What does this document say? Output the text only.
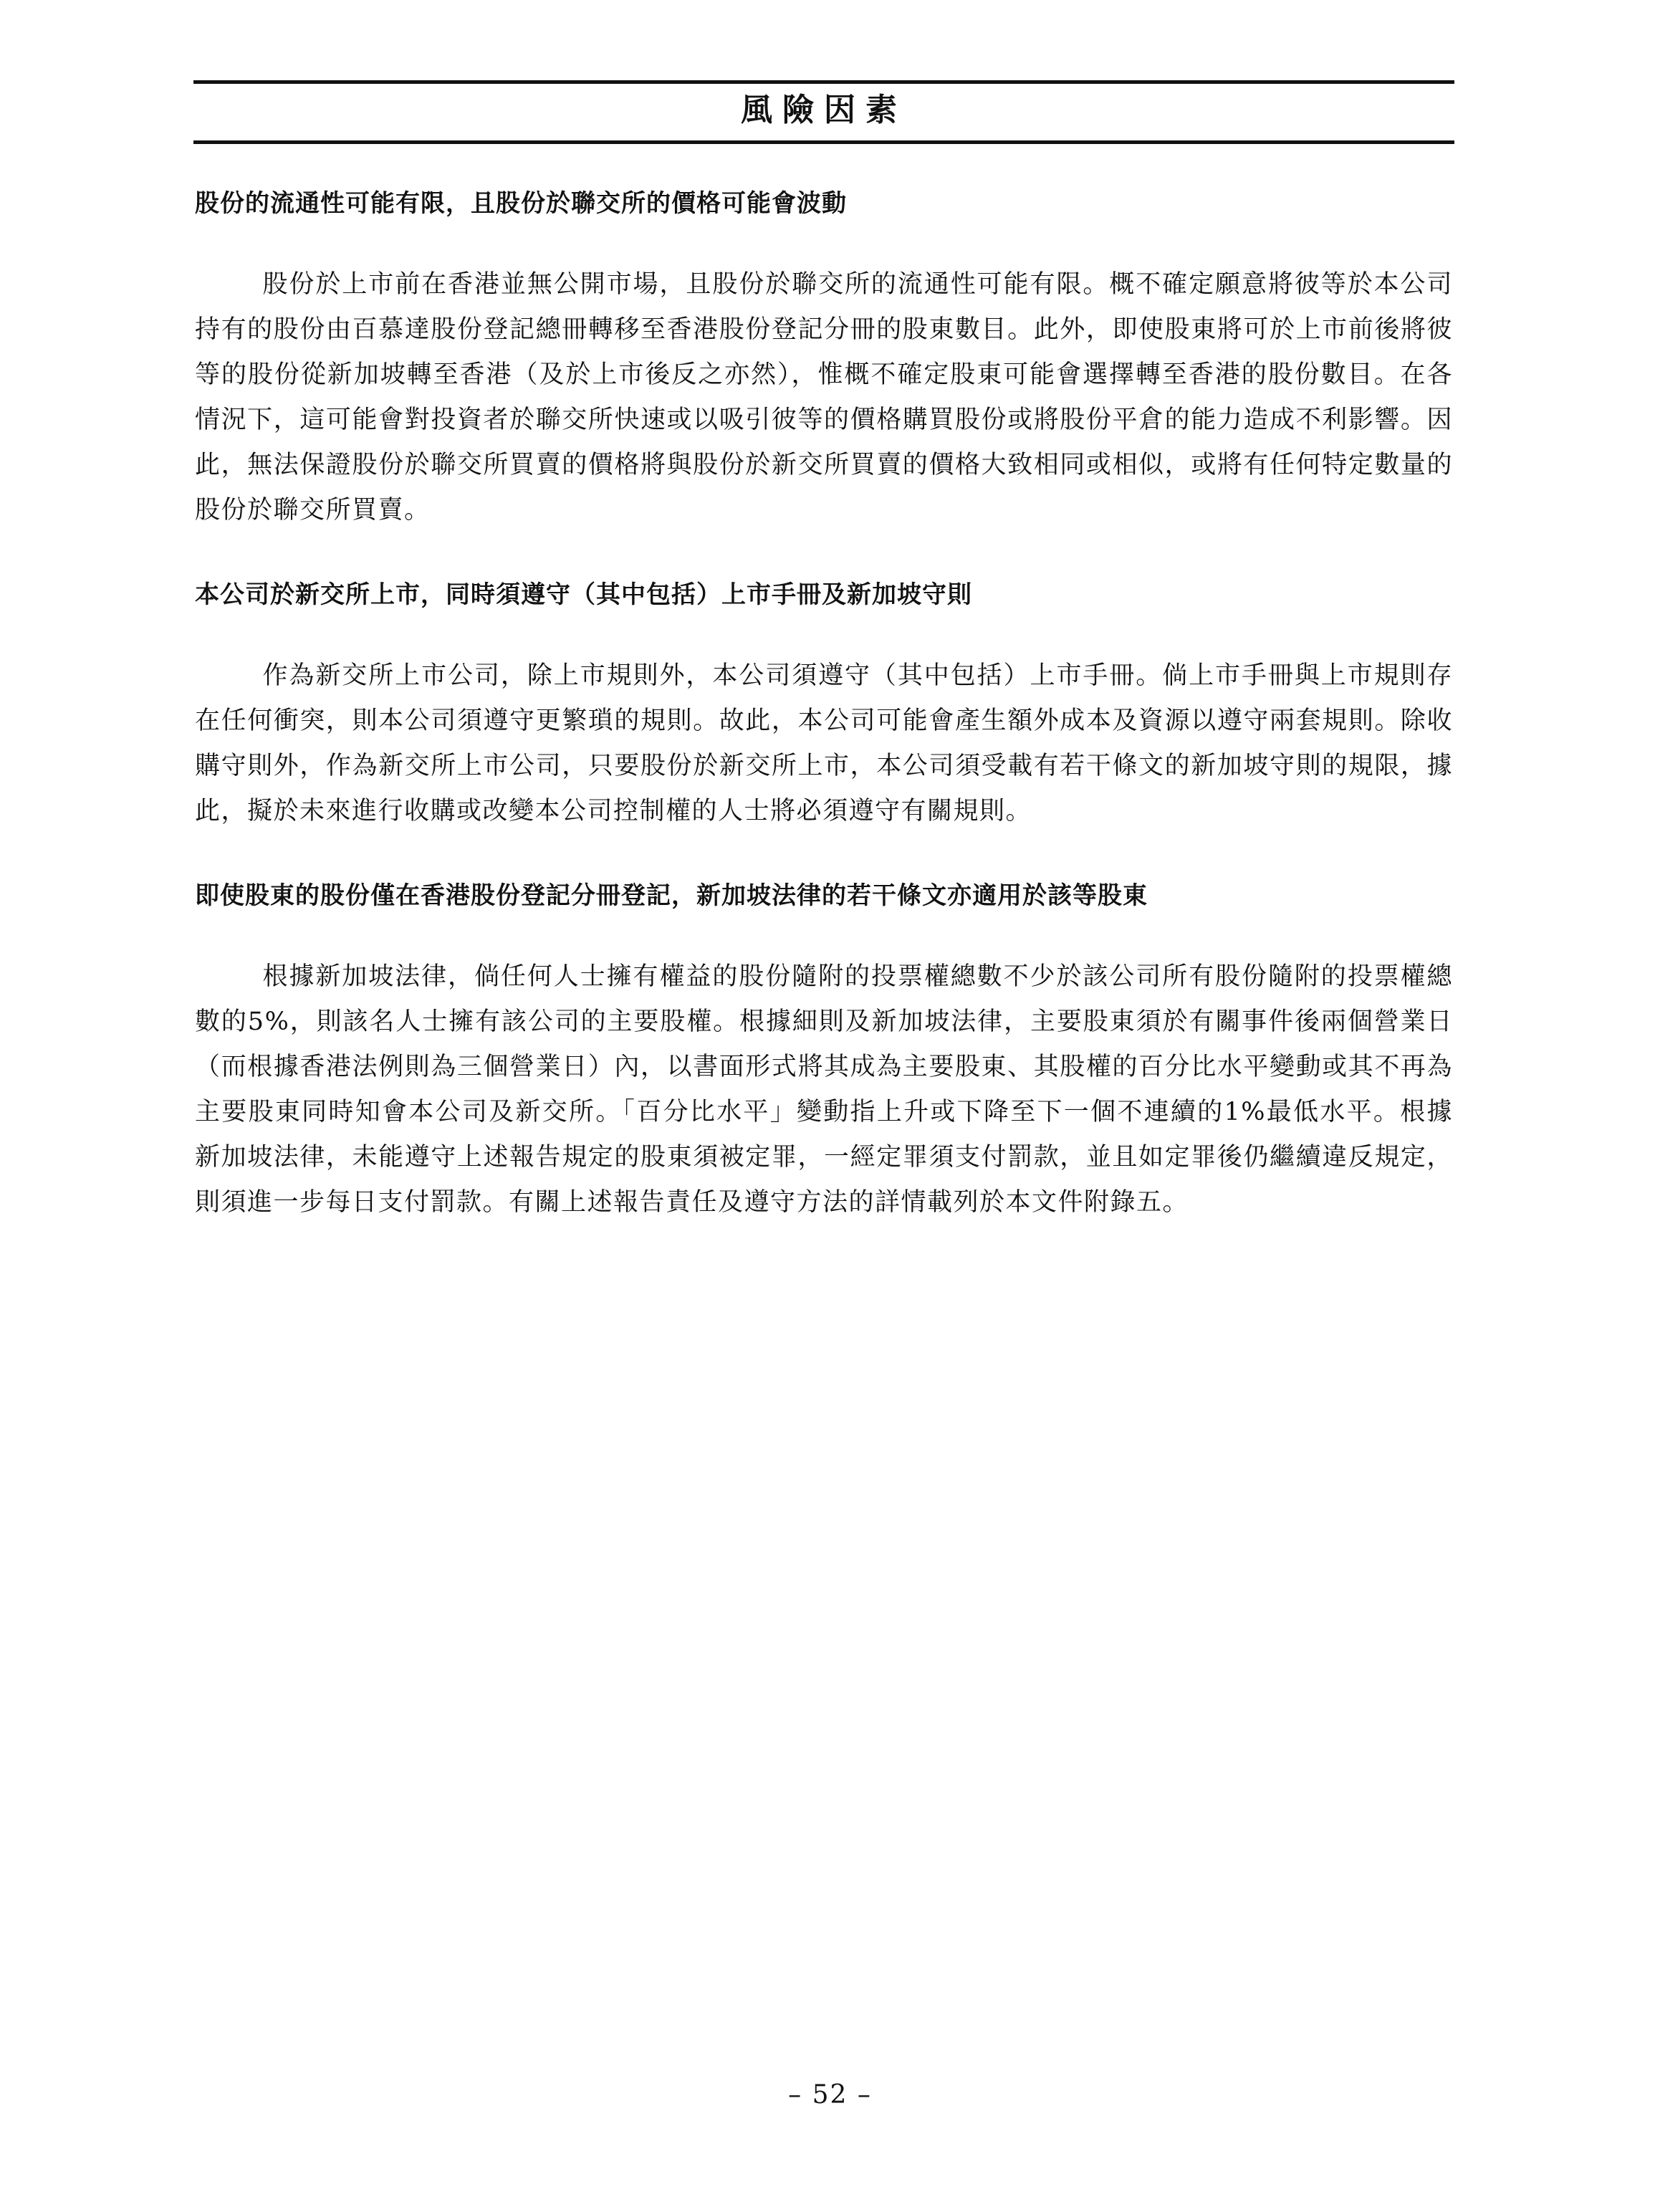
風險因素
股份的流通性可能有限，且股份於聯交所的價格可能會波動

股份於上市前在香港並無公開市場，且股份於聯交所的流通性可能有限。概不確定願意將彼等於本公司持有的股份由百慕達股份登記總冊轉移至香港股份登記分冊的股東數目。此外，即使股東將可於上市前後將彼等的股份從新加坡轉至香港（及於上市後反之亦然），惟概不確定股東可能會選擇轉至香港的股份數目。在各情況下，這可能會對投資者於聯交所快速或以吸引彼等的價格購買股份或將股份平倉的能力造成不利影響。因此，無法保證股份於聯交所買賣的價格將與股份於新交所買賣的價格大致相同或相似，或將有任何特定數量的股份於聯交所買賣。

本公司於新交所上市，同時須遵守（其中包括）上市手冊及新加坡守則

作為新交所上市公司，除上市規則外，本公司須遵守（其中包括）上市手冊。倘上市手冊與上市規則存在任何衝突，則本公司須遵守更繁瑣的規則。故此，本公司可能會產生額外成本及資源以遵守兩套規則。除收購守則外，作為新交所上市公司，只要股份於新交所上市，本公司須受載有若干條文的新加坡守則的規限，據此，擬於未來進行收購或改變本公司控制權的人士將必須遵守有關規則。

即使股東的股份僅在香港股份登記分冊登記，新加坡法律的若干條文亦適用於該等股東

根據新加坡法律，倘任何人士擁有權益的股份隨附的投票權總數不少於該公司所有股份隨附的投票權總數的5%，則該名人士擁有該公司的主要股權。根據細則及新加坡法律，主要股東須於有關事件後兩個營業日（而根據香港法例則為三個營業日）內，以書面形式將其成為主要股東、其股權的百分比水平變動或其不再為主要股東同時知會本公司及新交所。「百分比水平」變動指上升或下降至下一個不連續的1%最低水平。根據新加坡法律，未能遵守上述報告規定的股東須被定罪，一經定罪須支付罰款，並且如定罪後仍繼續違反規定，則須進一步每日支付罰款。有關上述報告責任及遵守方法的詳情載列於本文件附錄五。

– 52 –
